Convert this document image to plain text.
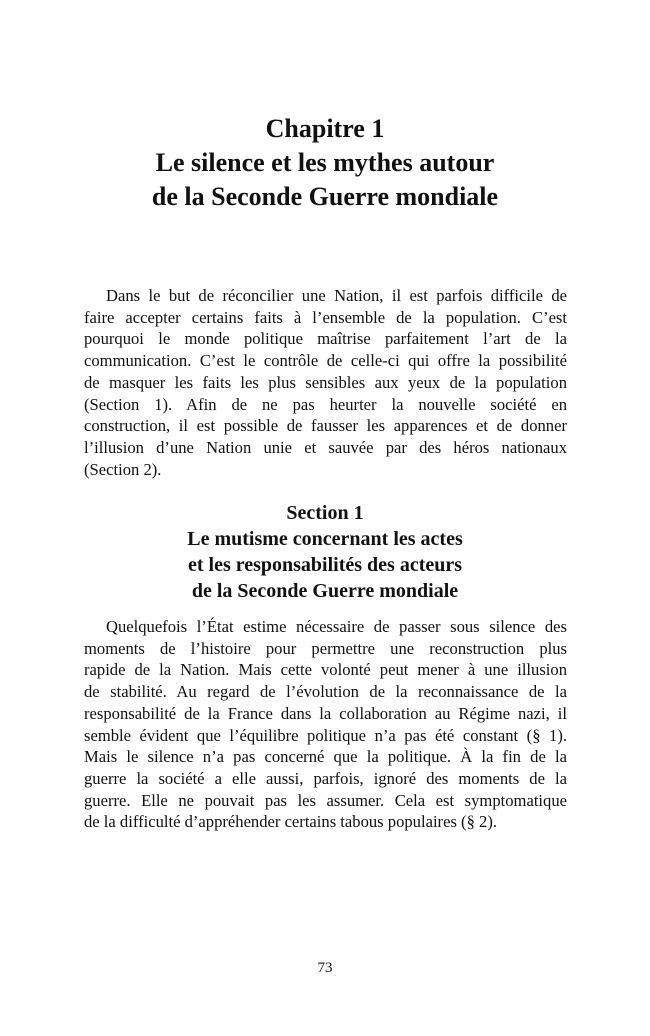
Chapitre 1
Le silence et les mythes autour
de la Seconde Guerre mondiale
Dans le but de réconcilier une Nation, il est parfois difficile de
faire accepter certains faits à l’ensemble de la population. C’est
pourquoi le monde politique maîtrise parfaitement l’art de la
communication. C’est le contrôle de celle-ci qui offre la possibilité
de masquer les faits les plus sensibles aux yeux de la population
(Section 1). Afin de ne pas heurter la nouvelle société en
construction, il est possible de fausser les apparences et de donner
l’illusion d’une Nation unie et sauvée par des héros nationaux
(Section 2).
Section 1
Le mutisme concernant les actes
et les responsabilités des acteurs
de la Seconde Guerre mondiale
Quelquefois l’État estime nécessaire de passer sous silence des
moments de l’histoire pour permettre une reconstruction plus
rapide de la Nation. Mais cette volonté peut mener à une illusion
de stabilité. Au regard de l’évolution de la reconnaissance de la
responsabilité de la France dans la collaboration au Régime nazi, il
semble évident que l’équilibre politique n’a pas été constant (§ 1).
Mais le silence n’a pas concerné que la politique. À la fin de la
guerre la société a elle aussi, parfois, ignoré des moments de la
guerre. Elle ne pouvait pas les assumer. Cela est symptomatique
de la difficulté d’appréhender certains tabous populaires (§ 2).
73
